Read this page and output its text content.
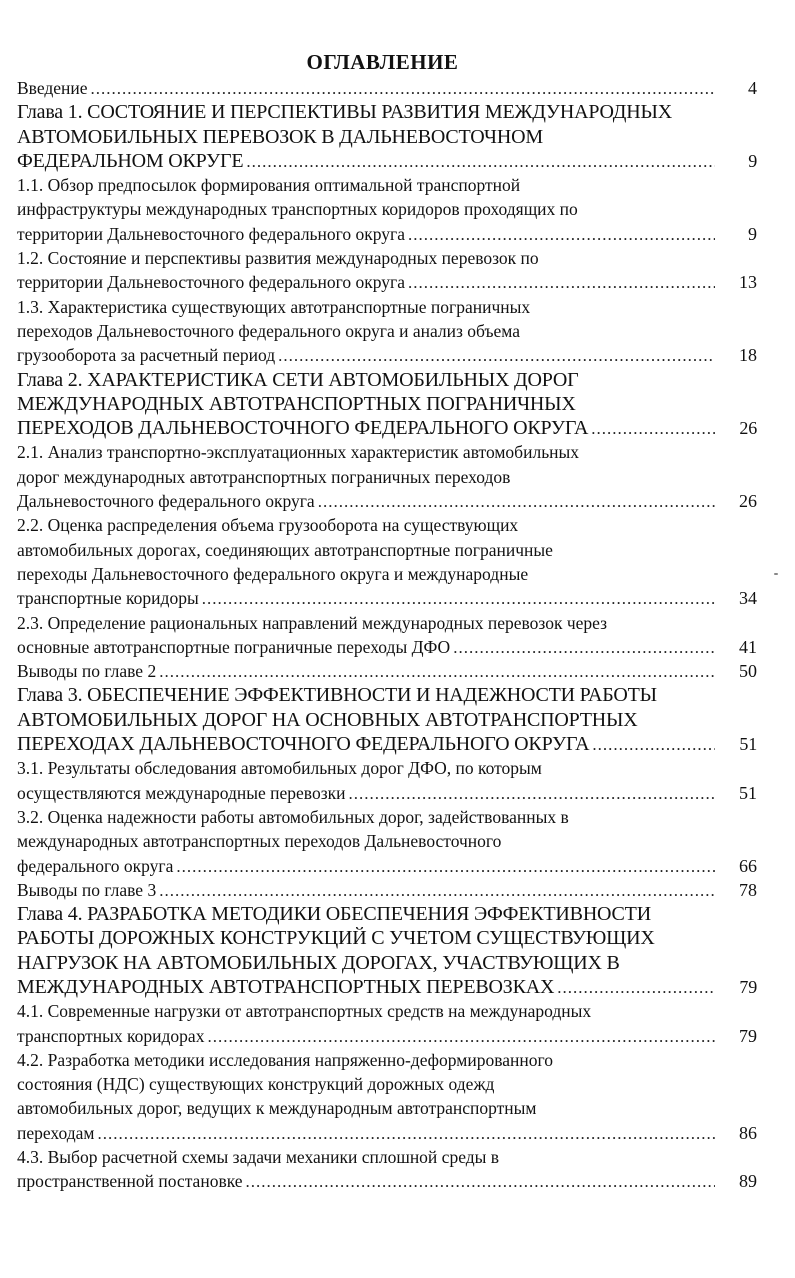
ОГЛАВЛЕНИЕ
Введение .....	4
Глава 1. СОСТОЯНИЕ И ПЕРСПЕКТИВЫ РАЗВИТИЯ МЕЖДУНАРОДНЫХ
АВТОМОБИЛЬНЫХ ПЕРЕВОЗОК В ДАЛЬНЕВОСТОЧНОМ
ФЕДЕРАЛЬНОМ ОКРУГЕ .....	9
1.1. Обзор предпосылок формирования оптимальной транспортной
инфраструктуры международных транспортных коридоров проходящих по
территории Дальневосточного федерального округа .....	9
1.2. Состояние и перспективы развития международных перевозок по
территории Дальневосточного федерального округа .....	13
1.3. Характеристика существующих автотранспортные пограничных
переходов Дальневосточного федерального округа и анализ объема
грузооборота за расчетный период .....	18
Глава 2. ХАРАКТЕРИСТИКА СЕТИ АВТОМОБИЛЬНЫХ ДОРОГ
МЕЖДУНАРОДНЫХ АВТОТРАНСПОРТНЫХ ПОГРАНИЧНЫХ
ПЕРЕХОДОВ ДАЛЬНЕВОСТОЧНОГО ФЕДЕРАЛЬНОГО ОКРУГА .....	26
2.1. Анализ транспортно-эксплуатационных характеристик автомобильных
дорог международных автотранспортных пограничных переходов
Дальневосточного федерального округа .....	26
2.2. Оценка распределения объема грузооборота на существующих
автомобильных дорогах, соединяющих автотранспортные пограничные
переходы Дальневосточного федерального округа и международные
транспортные коридоры .....	34
2.3. Определение рациональных направлений международных перевозок через
основные автотранспортные пограничные переходы ДФО .....	41
Выводы по главе 2 .....	50
Глава 3. ОБЕСПЕЧЕНИЕ ЭФФЕКТИВНОСТИ И НАДЕЖНОСТИ РАБОТЫ
АВТОМОБИЛЬНЫХ ДОРОГ НА ОСНОВНЫХ АВТОТРАНСПОРТНЫХ
ПЕРЕХОДАХ ДАЛЬНЕВОСТОЧНОГО ФЕДЕРАЛЬНОГО ОКРУГА .....	51
3.1. Результаты обследования автомобильных дорог ДФО, по которым
осуществляются международные перевозки .....	51
3.2. Оценка надежности работы автомобильных дорог, задействованных в
международных автотранспортных переходов Дальневосточного
федерального округа .....	66
Выводы по главе 3 .....	78
Глава 4. РАЗРАБОТКА МЕТОДИКИ ОБЕСПЕЧЕНИЯ ЭФФЕКТИВНОСТИ
РАБОТЫ ДОРОЖНЫХ КОНСТРУКЦИЙ С УЧЕТОМ СУЩЕСТВУЮЩИХ
НАГРУЗОК НА АВТОМОБИЛЬНЫХ ДОРОГАХ, УЧАСТВУЮЩИХ В
МЕЖДУНАРОДНЫХ АВТОТРАНСПОРТНЫХ ПЕРЕВОЗКАХ .....	79
4.1. Современные нагрузки от автотранспортных средств на международных
транспортных коридорах .....	79
4.2. Разработка методики исследования напряженно-деформированного
состояния (НДС) существующих конструкций дорожных одежд
автомобильных дорог, ведущих к международным автотранспортным
переходам .....	86
4.3. Выбор расчетной схемы задачи механики сплошной среды в
пространственной постановке .....	89
